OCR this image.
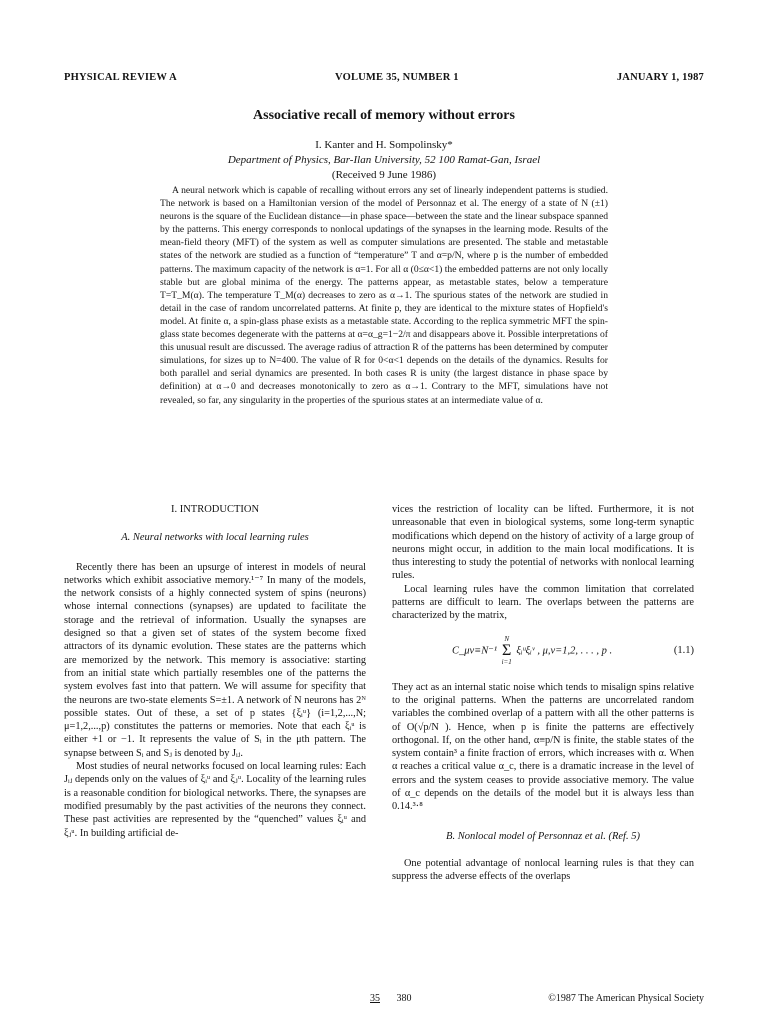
PHYSICAL REVIEW A	VOLUME 35, NUMBER 1	JANUARY 1, 1987
Associative recall of memory without errors
I. Kanter and H. Sompolinsky*
Department of Physics, Bar-Ilan University, 52 100 Ramat-Gan, Israel
(Received 9 June 1986)
A neural network which is capable of recalling without errors any set of linearly independent patterns is studied. The network is based on a Hamiltonian version of the model of Personnaz et al. The energy of a state of N (±1) neurons is the square of the Euclidean distance—in phase space—between the state and the linear subspace spanned by the patterns. This energy corresponds to nonlocal updatings of the synapses in the learning mode. Results of the mean-field theory (MFT) of the system as well as computer simulations are presented. The stable and metastable states of the network are studied as a function of “temperature” T and α=p/N, where p is the number of embedded patterns. The maximum capacity of the network is α=1. For all α (0≤α<1) the embedded patterns are not only locally stable but are global minima of the energy. The patterns appear, as metastable states, below a temperature T=T_M(α). The temperature T_M(α) decreases to zero as α→1. The spurious states of the network are studied in detail in the case of random uncorrelated patterns. At finite p, they are identical to the mixture states of Hopfield's model. At finite α, a spin-glass phase exists as a metastable state. According to the replica symmetric MFT the spin-glass state becomes degenerate with the patterns at α=α_g=1−2/π and disappears above it. Possible interpretations of this unusual result are discussed. The average radius of attraction R of the patterns has been determined by computer simulations, for sizes up to N=400. The value of R for 0<α<1 depends on the details of the dynamics. Results for both parallel and serial dynamics are presented. In both cases R is unity (the largest distance in phase space by definition) at α→0 and decreases monotonically to zero as α→1. Contrary to the MFT, simulations have not revealed, so far, any singularity in the properties of the spurious states at an intermediate value of α.
I. INTRODUCTION
A. Neural networks with local learning rules

Recently there has been an upsurge of interest in models of neural networks which exhibit associative memory.¹⁻⁷ In many of the models, the network consists of a highly connected system of spins (neurons) whose internal connections (synapses) are updated to facilitate the storage and the retrieval of information. Usually the synapses are designed so that a given set of states of the system become fixed attractors of its dynamic evolution. These states are the patterns which are memorized by the network. This memory is associative: starting from an initial state which partially resembles one of the patterns the system evolves fast into that pattern. We will assume for specifity that the neurons are two-state elements S=±1. A network of N neurons has 2ᴺ possible states. Out of these, a set of p states {ξᵢᵘ} (i=1,2,...,N; μ=1,2,...,p) constitutes the patterns or memories. Note that each ξᵢᵘ is either +1 or −1. It represents the value of Sᵢ in the μth pattern. The synapse between Sᵢ and Sⱼ is denoted by Jᵢⱼ.

Most studies of neural networks focused on local learning rules: Each Jᵢⱼ depends only on the values of ξᵢᵘ and ξⱼᵘ. Locality of the learning rules is a reasonable condition for biological networks. There, the synapses are modified presumably by the past activities of the neurons they connect. These past activities are represented by the “quenched” values ξᵢᵘ and ξⱼᵘ. In building artificial de-

vices the restriction of locality can be lifted. Furthermore, it is not unreasonable that even in biological systems, some long-term synaptic modifications which depend on the history of activity of a large group of neurons might occur, in addition to the main local modifications. It is thus interesting to study the potential of networks with nonlocal learning rules.

Local learning rules have the common limitation that correlated patterns are difficult to learn. The overlaps between the patterns are characterized by the matrix,

C_μν≡N⁻¹
N
Σ
i=1
ξᵢᵘξᵢᵛ , μ,ν=1,2, . . . , p .	(1.1)

They act as an internal static noise which tends to misalign spins relative to the original patterns. When the patterns are uncorrelated random variables the combined overlap of a pattern with all the other patterns is of O(√p/N ). Hence, when p is finite the patterns are effectively orthogonal. If, on the other hand, α≡p/N is finite, the stable states of the system contain³ a finite fraction of errors, which increases with α. When α reaches a critical value α_c, there is a dramatic increase in the level of errors and the system ceases to provide associative memory. The value of α_c depends on the details of the model but it is always less than 0.14.³⋅⁸

B. Nonlocal model of Personnaz et al. (Ref. 5)

One potential advantage of nonlocal learning rules is that they can suppress the adverse effects of the overlaps

35 380	©1987 The American Physical Society
